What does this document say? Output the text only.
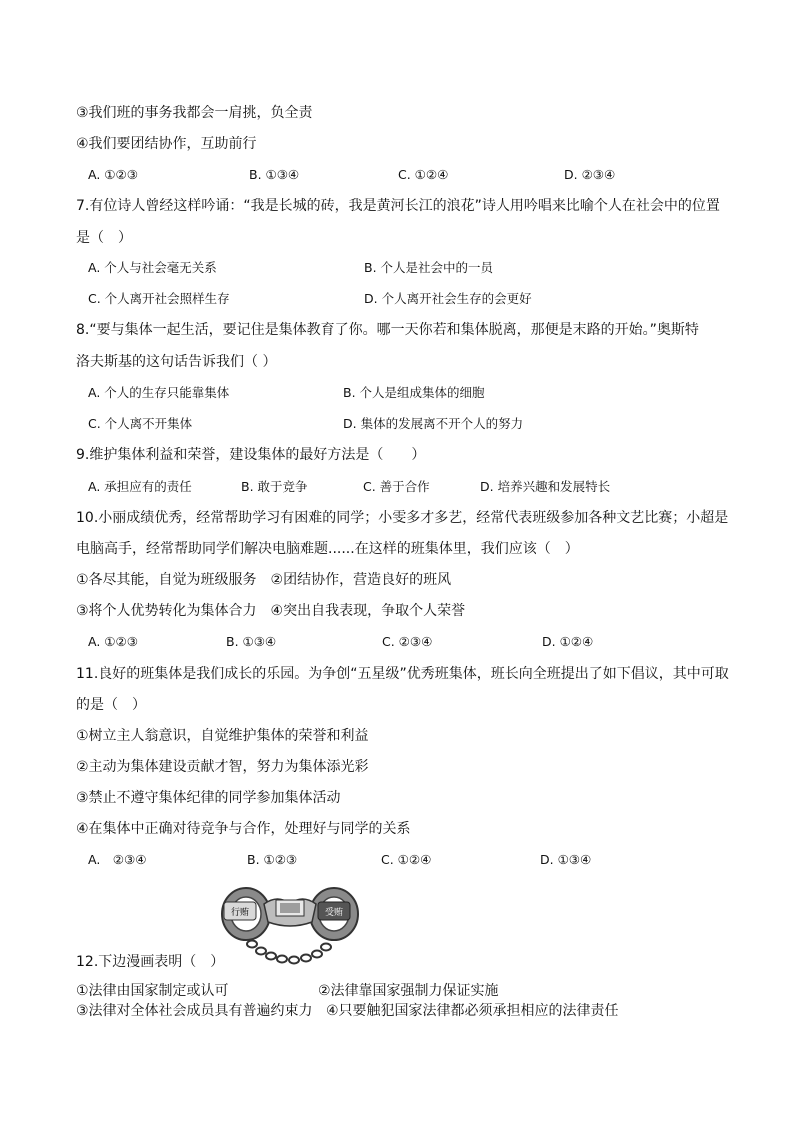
③我们班的事务我都会一肩挑，负全责
④我们要团结协作，互助前行
A. ①②③	B. ①③④	C. ①②④	D. ②③④
7.有位诗人曾经这样吟诵：“我是长城的砖，我是黄河长江的浪花”诗人用吟唱来比喻个人在社会中的位置
是（　）
A. 个人与社会毫无关系	B. 个人是社会中的一员
C. 个人离开社会照样生存	D. 个人离开社会生存的会更好
8.“要与集体一起生活，要记住是集体教育了你。哪一天你若和集体脱离，那便是末路的开始。”奥斯特
洛夫斯基的这句话告诉我们（ ）
A. 个人的生存只能靠集体	B. 个人是组成集体的细胞
C. 个人离不开集体	D. 集体的发展离不开个人的努力
9.维护集体利益和荣誉，建设集体的最好方法是（　　）
A. 承担应有的责任	B. 敢于竞争	C. 善于合作	D. 培养兴趣和发展特长
10.小丽成绩优秀，经常帮助学习有困难的同学；小雯多才多艺，经常代表班级参加各种文艺比赛；小超是
电脑高手，经常帮助同学们解决电脑难题......在这样的班集体里，我们应该（　）
①各尽其能，自觉为班级服务　②团结协作，营造良好的班风
③将个人优势转化为集体合力　④突出自我表现，争取个人荣誉
A. ①②③	B. ①③④	C. ②③④	D. ①②④
11.良好的班集体是我们成长的乐园。为争创“五星级”优秀班集体，班长向全班提出了如下倡议，其中可取
的是（　）
①树立主人翁意识，自觉维护集体的荣誉和利益
②主动为集体建设贡献才智，努力为集体添光彩
③禁止不遵守集体纪律的同学参加集体活动
④在集体中正确对待竞争与合作，处理好与同学的关系
A.　②③④	B. ①②③	C. ①②④	D. ①③④
行贿	受贿
12.下边漫画表明（　）
①法律由国家制定或认可	②法律靠国家强制力保证实施
③法律对全体社会成员具有普遍约束力 ④只要触犯国家法律都必须承担相应的法律责任
